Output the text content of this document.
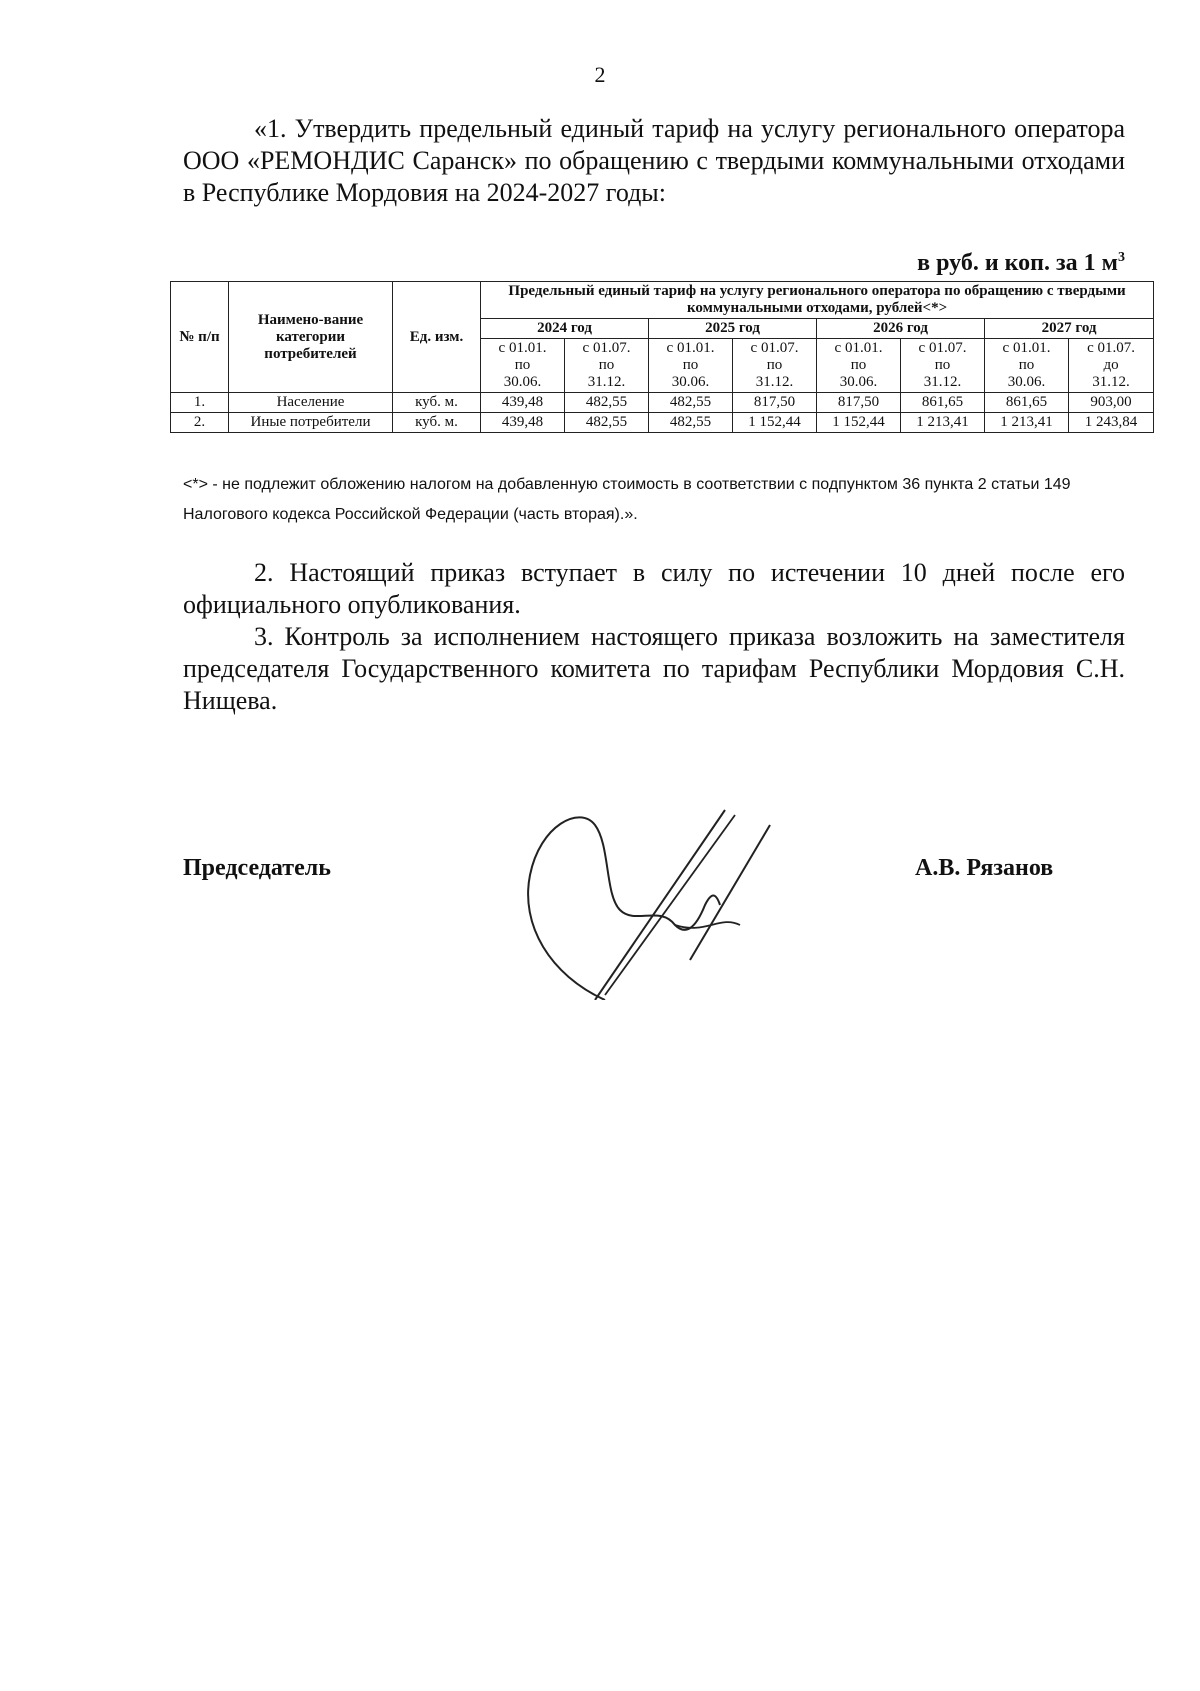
2

«1. Утвердить предельный единый тариф на услугу регионального оператора ООО «РЕМОНДИС Саранск» по обращению с твердыми коммунальными отходами в Республике Мордовия на 2024-2027 годы:

в руб. и коп. за 1 $м^3$
№ п/п	Наимено-вание категории потребителей	Ед. изм.	Предельный единый тариф на услугу регионального оператора по обращению с твердыми коммунальными отходами, рублей<*>							
			2024 год		2025 год		2026 год		2027 год	
			с 01.01.
по
30.06.	с 01.07.
по
31.12.	с 01.01.
по
30.06.	с 01.07.
по
31.12.	с 01.01.
по
30.06.	с 01.07.
по
31.12.	с 01.01.
по
30.06.	с 01.07.
до
31.12.
1.	Население	куб. м.	439,48	482,55	482,55	817,50	817,50	861,65	861,65	903,00
2.	Иные потребители	куб. м.	439,48	482,55	482,55	1 152,44	1 152,44	1 213,41	1 213,41	1 243,84

<*> - не подлежит обложению налогом на добавленную стоимость в соответствии с подпунктом 36 пункта 2 статьи 149 Налогового кодекса Российской Федерации (часть вторая).».

2. Настоящий приказ вступает в силу по истечении 10 дней после его официального опубликования.

3. Контроль за исполнением настоящего приказа возложить на заместителя председателя Государственного комитета по тарифам Республики Мордовия С.Н. Нищева.

Председатель	А.В. Рязанов
